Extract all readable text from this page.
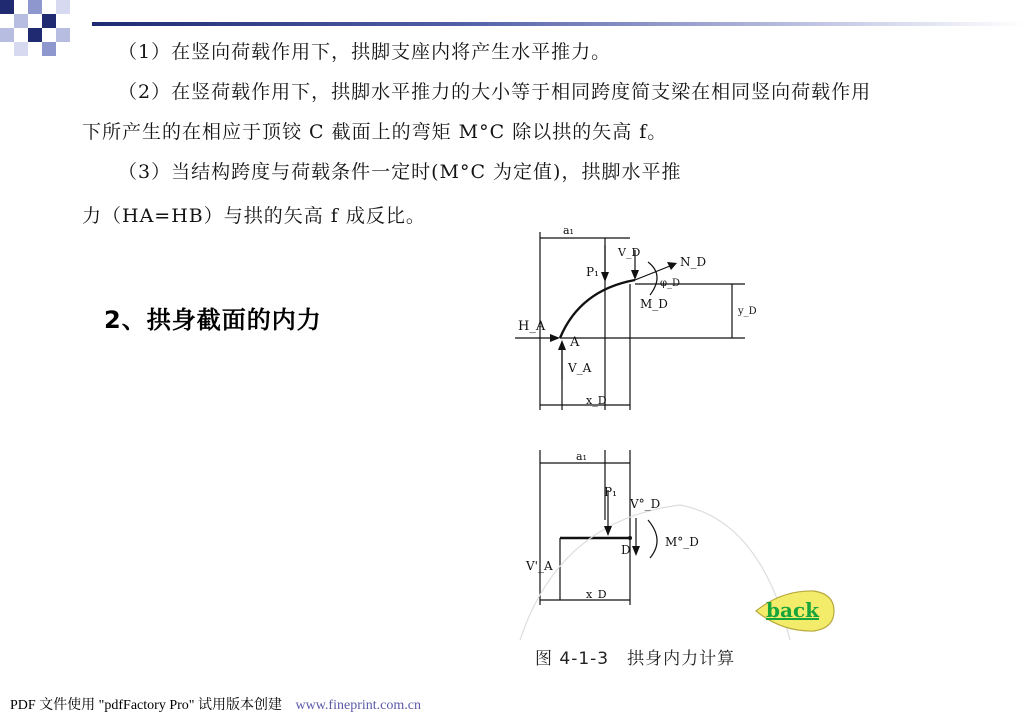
（1）在竖向荷载作用下，拱脚支座内将产生水平推力。
（2）在竖荷载作用下，拱脚水平推力的大小等于相同跨度简支梁在相同竖向荷载作用
下所产生的在相应于顶铰 C 截面上的弯矩 M°C 除以拱的矢高 f。
（3）当结构跨度与荷载条件一定时(M°C 为定值)，拱脚水平推
力（HA=HB）与拱的矢高 f 成反比。
2、拱身截面的内力
a₁
P₁
V_D
N_D
φ_D
M_D
y_D
H_A
A
V_A
x_D
a₁
P₁
V°_D
D
M°_D
V'_A
x_D
图 4-1-3　拱身内力计算
back
PDF 文件使用 "pdfFactory Pro" 试用版本创建 www.fineprint.com.cn
